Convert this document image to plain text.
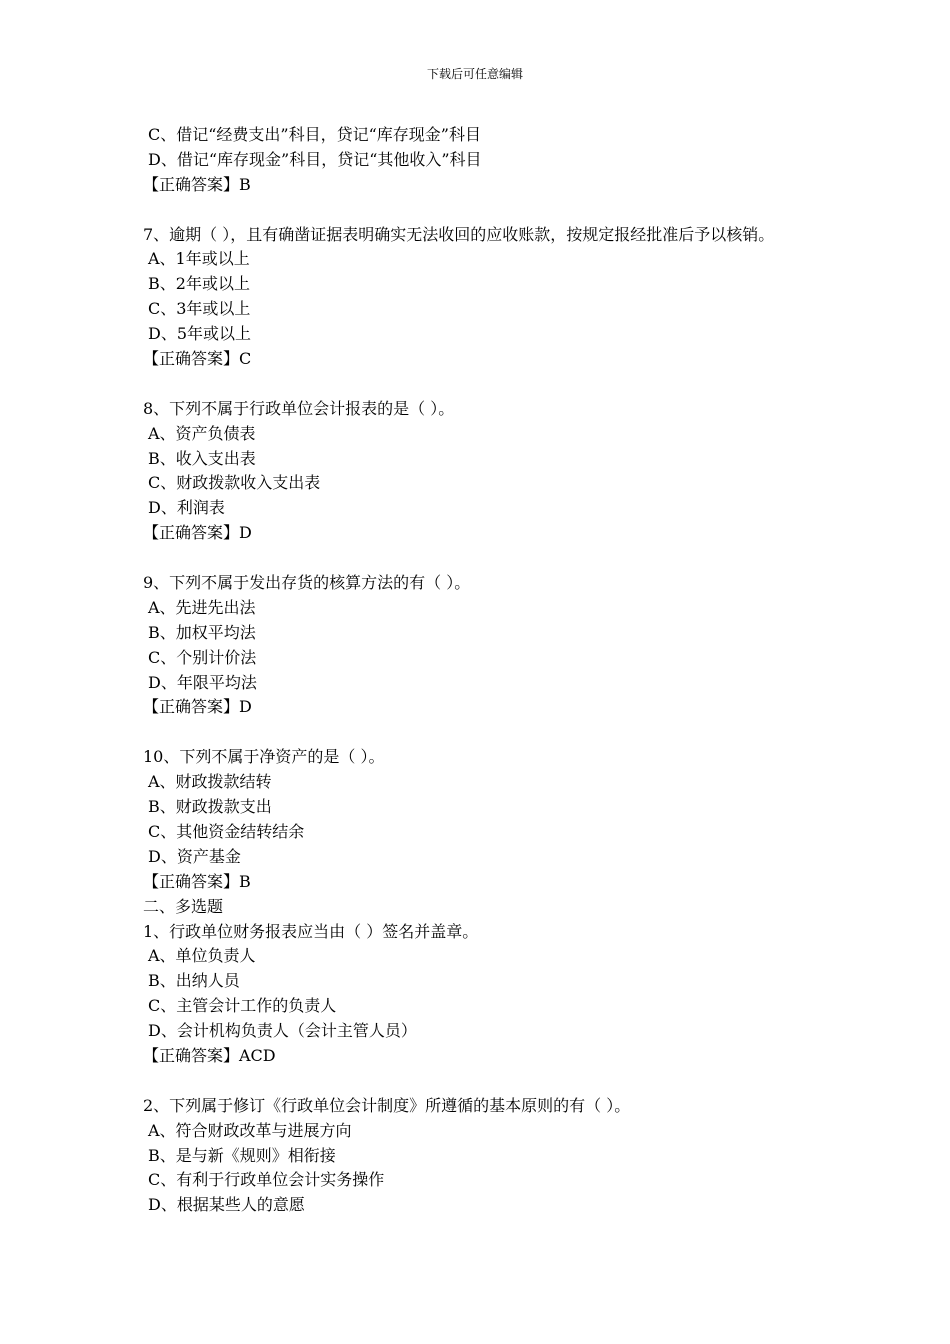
下载后可任意编辑
C、借记“经费支出”科目，贷记“库存现金”科目
D、借记“库存现金”科目，贷记“其他收入”科目
【正确答案】B
7、逾期（ ），且有确凿证据表明确实无法收回的应收账款，按规定报经批准后予以核销。
A、1年或以上
B、2年或以上
C、3年或以上
D、5年或以上
【正确答案】C
8、下列不属于行政单位会计报表的是（ ）。
A、资产负债表
B、收入支出表
C、财政拨款收入支出表
D、利润表
【正确答案】D
9、下列不属于发出存货的核算方法的有（ ）。
A、先进先出法
B、加权平均法
C、个别计价法
D、年限平均法
【正确答案】D
10、下列不属于净资产的是（ ）。
A、财政拨款结转
B、财政拨款支出
C、其他资金结转结余
D、资产基金
【正确答案】B
二、多选题
1、行政单位财务报表应当由（ ）签名并盖章。
A、单位负责人
B、出纳人员
C、主管会计工作的负责人
D、会计机构负责人（会计主管人员）
【正确答案】ACD
2、下列属于修订《行政单位会计制度》所遵循的基本原则的有（ ）。
A、符合财政改革与进展方向
B、是与新《规则》相衔接
C、有利于行政单位会计实务操作
D、根据某些人的意愿
